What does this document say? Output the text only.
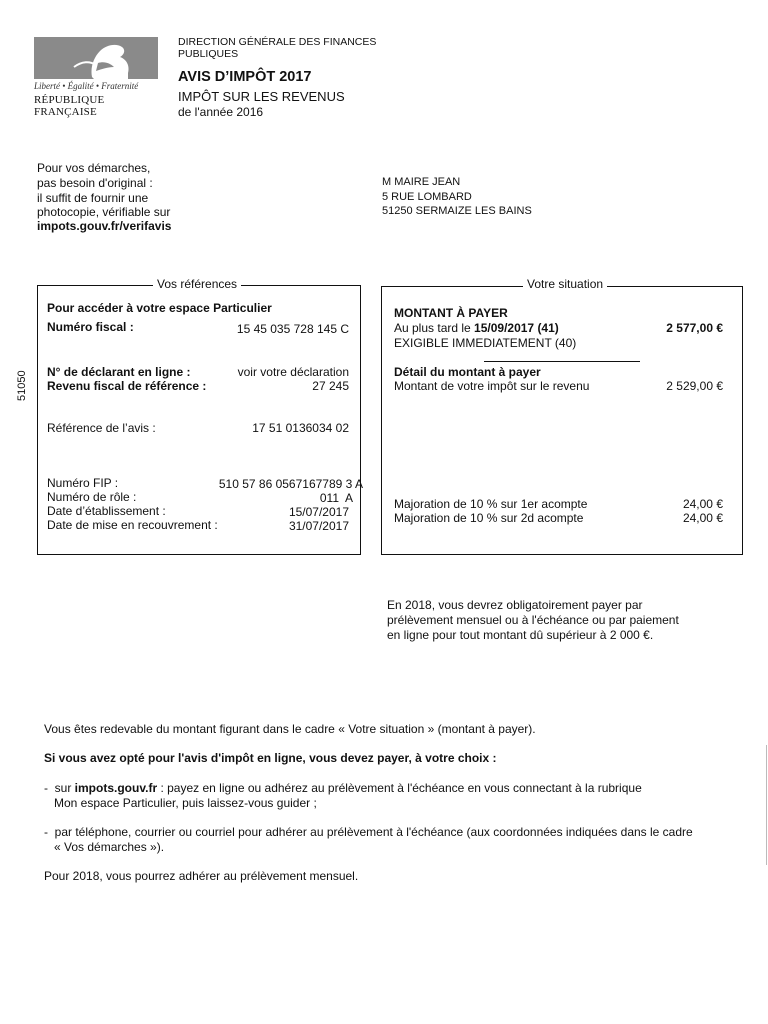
Liberté • Égalité • Fraternité
RÉPUBLIQUE FRANÇAISE
DIRECTION GÉNÉRALE DES FINANCES
PUBLIQUES
AVIS D’IMPÔT 2017
IMPÔT SUR LES REVENUS
de l'année 2016
Pour vos démarches,
pas besoin d'original :
il suffit de fournir une
photocopie, vérifiable sur
impots.gouv.fr/verifavis
M MAIRE JEAN
5 RUE LOMBARD
51250 SERMAIZE LES BAINS
51050
Vos références
Pour accéder à votre espace Particulier
Numéro fiscal :	15 45 035 728 145 C
N° de déclarant en ligne :	voir votre déclaration
Revenu fiscal de référence :	27 245
Référence de l’avis :	17 51 0136034 02
Numéro FIP :	510 57 86 0567167789 3 A
Numéro de rôle :	011  A
Date d’établissement :	15/07/2017
Date de mise en recouvrement :	31/07/2017
Votre situation
MONTANT À PAYER
Au plus tard le 15/09/2017 (41)	2 577,00 €
EXIGIBLE IMMEDIATEMENT (40)
Détail du montant à payer
Montant de votre impôt sur le revenu	2 529,00 €
Majoration de 10 % sur 1er acompte	24,00 €
Majoration de 10 % sur 2d acompte	24,00 €
En 2018, vous devrez obligatoirement payer par
prélèvement mensuel ou à l'échéance ou par paiement
en ligne pour tout montant dû supérieur à 2 000 €.
Vous êtes redevable du montant figurant dans le cadre « Votre situation » (montant à payer).
Si vous avez opté pour l'avis d'impôt en ligne, vous devez payer, à votre choix :
-  sur impots.gouv.fr : payez en ligne ou adhérez au prélèvement à l'échéance en vous connectant à la rubrique
Mon espace Particulier, puis laissez-vous guider ;
-  par téléphone, courrier ou courriel pour adhérer au prélèvement à l'échéance (aux coordonnées indiquées dans le cadre
« Vos démarches »).
Pour 2018, vous pourrez adhérer au prélèvement mensuel.
